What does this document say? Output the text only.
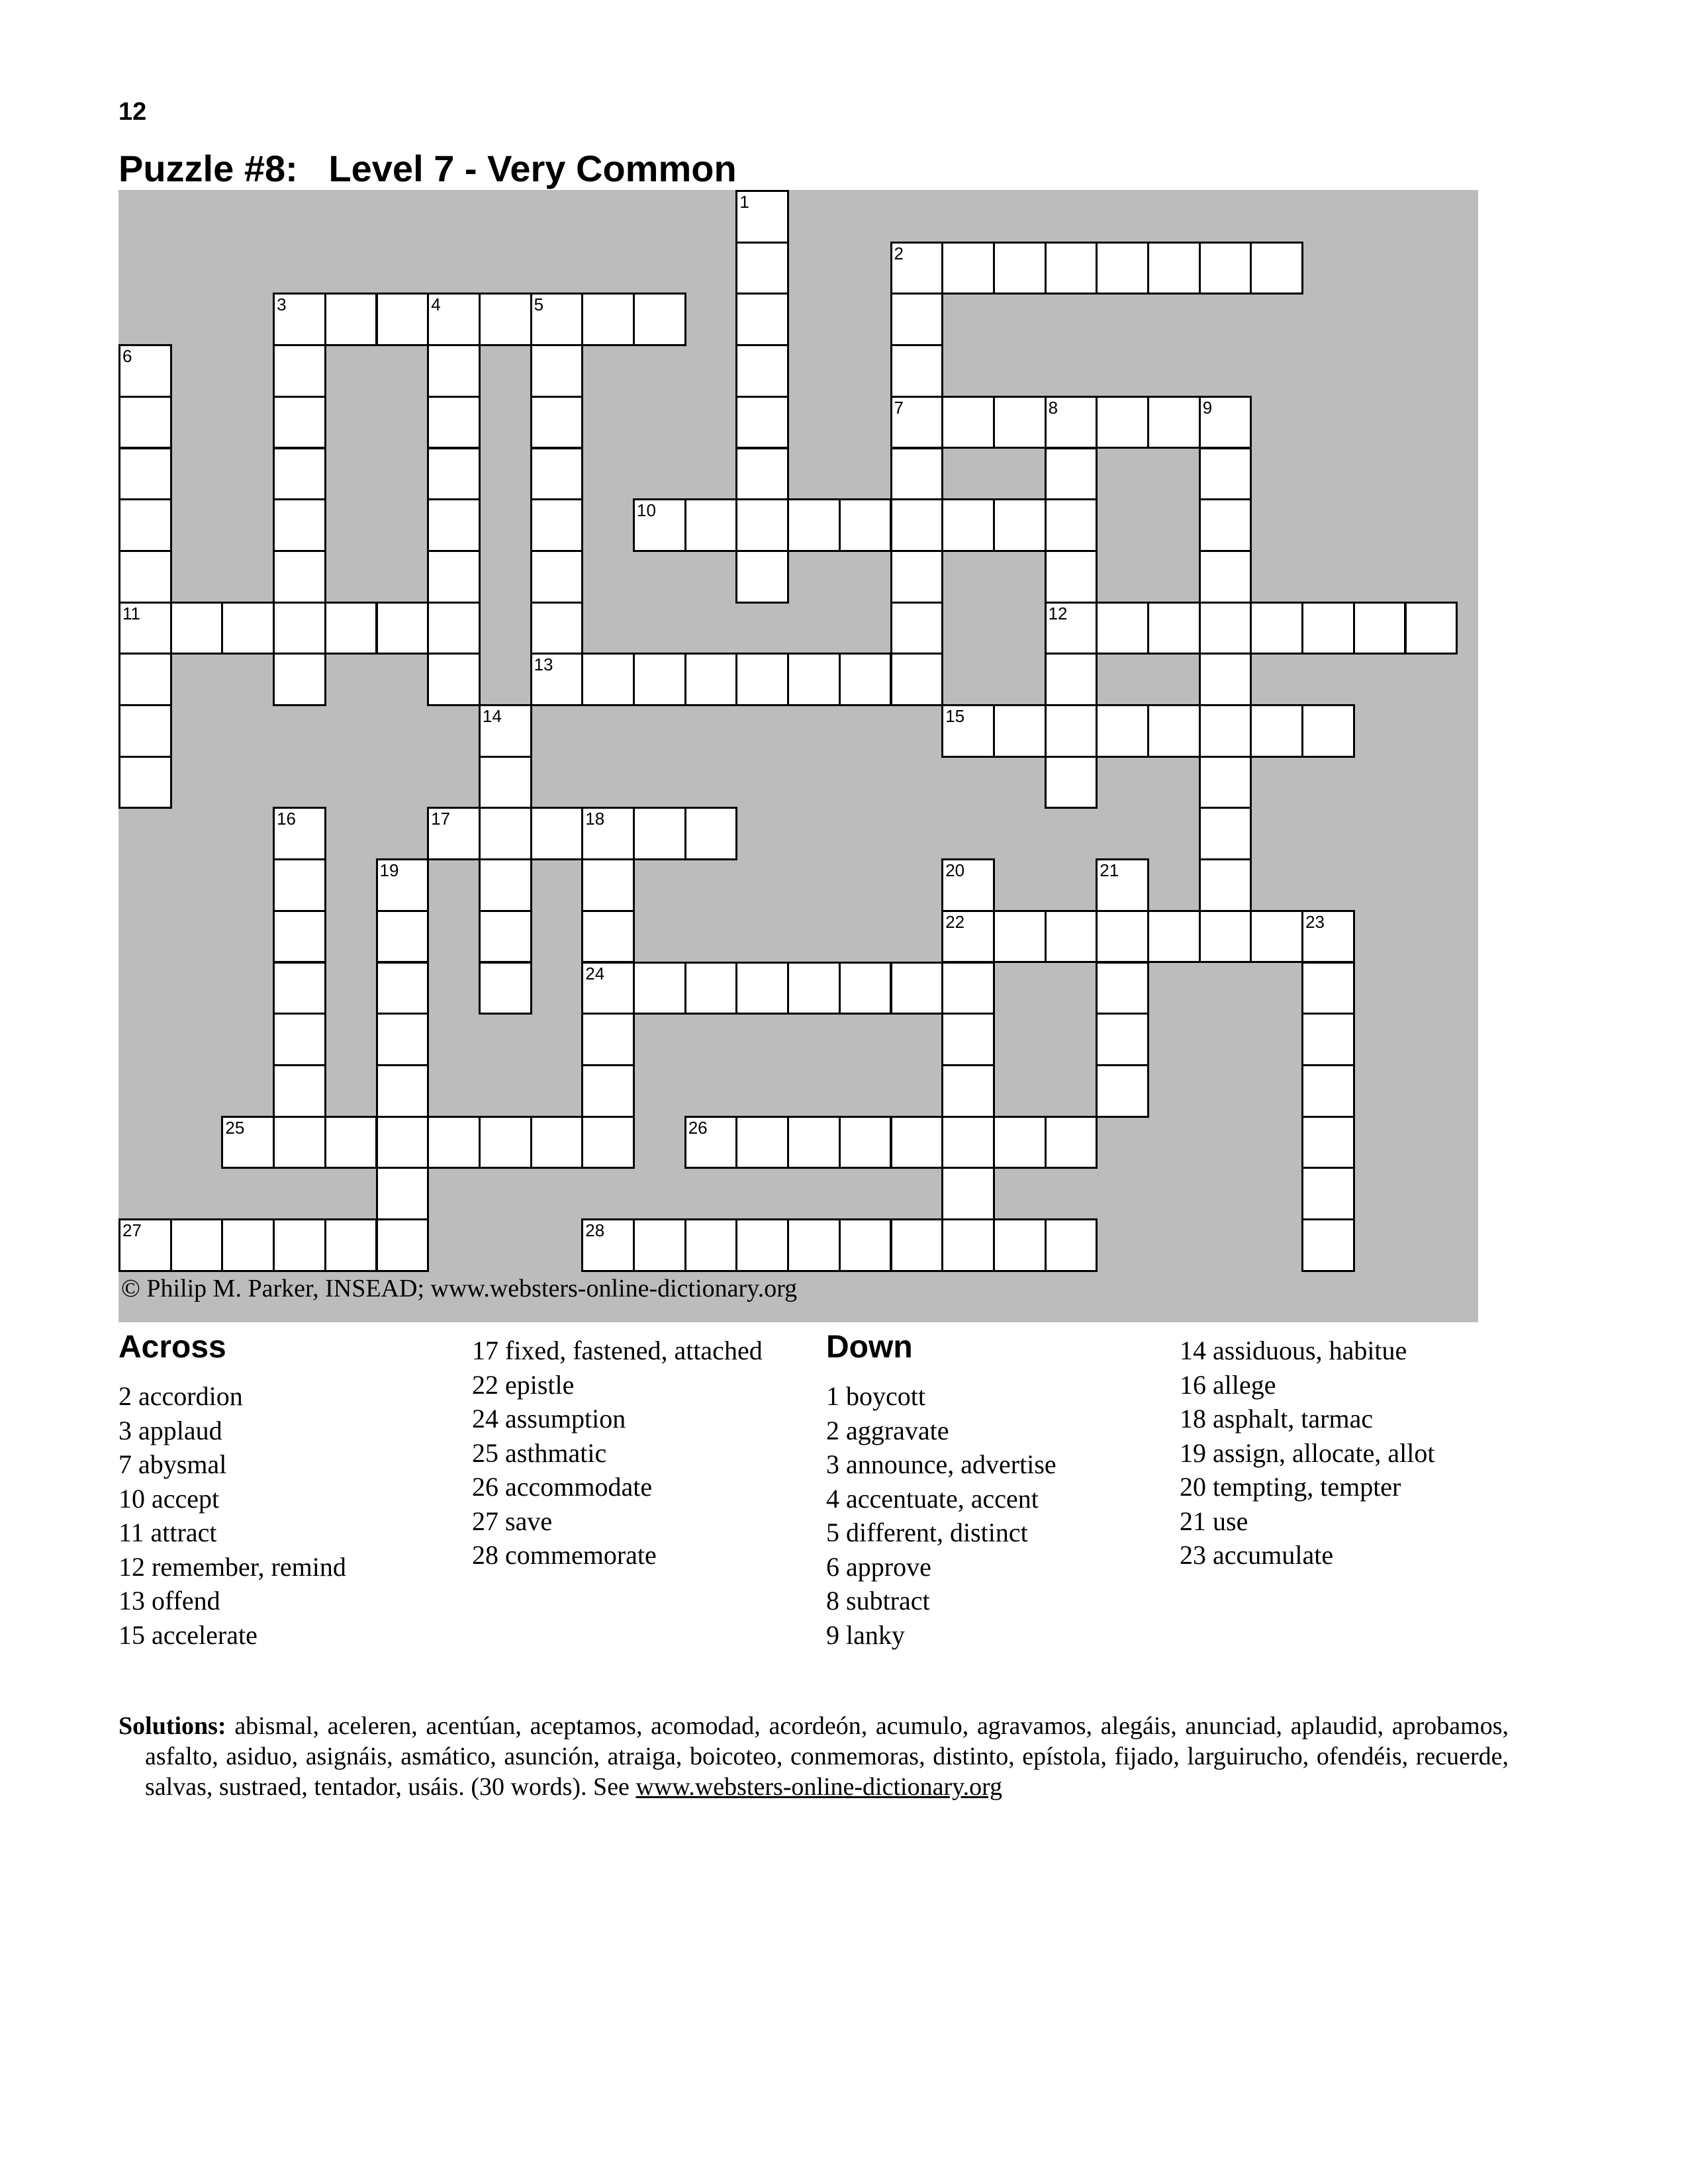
12
Puzzle #8:   Level 7 - Very Common
© Philip M. Parker, INSEAD; www.websters-online-dictionary.org
1
2
7
3	4	5
6
11
8	9
12
10
13
14	15
16	17	18
24
19	20
22
21
23
25	26
27	28
Across
2 accordion
3 applaud
7 abysmal
10 accept
11 attract
12 remember, remind
13 offend
15 accelerate
17 fixed, fastened, attached
22 epistle
24 assumption
25 asthmatic
26 accommodate
27 save
28 commemorate
Down
1 boycott
2 aggravate
3 announce, advertise
4 accentuate, accent
5 different, distinct
6 approve
8 subtract
9 lanky
14 assiduous, habitue
16 allege
18 asphalt, tarmac
19 assign, allocate, allot
20 tempting, tempter
21 use
23 accumulate
Solutions: abismal, aceleren, acentúan, aceptamos, acomodad, acordeón, acumulo, agravamos, alegáis, anunciad, aplaudid, aprobamos, asfalto, asiduo, asignáis, asmático, asunción, atraiga, boicoteo, conmemoras, distinto, epístola, fijado, larguirucho, ofendéis, recuerde, salvas, sustraed, tentador, usáis. (30 words). See www.websters-online-dictionary.org
